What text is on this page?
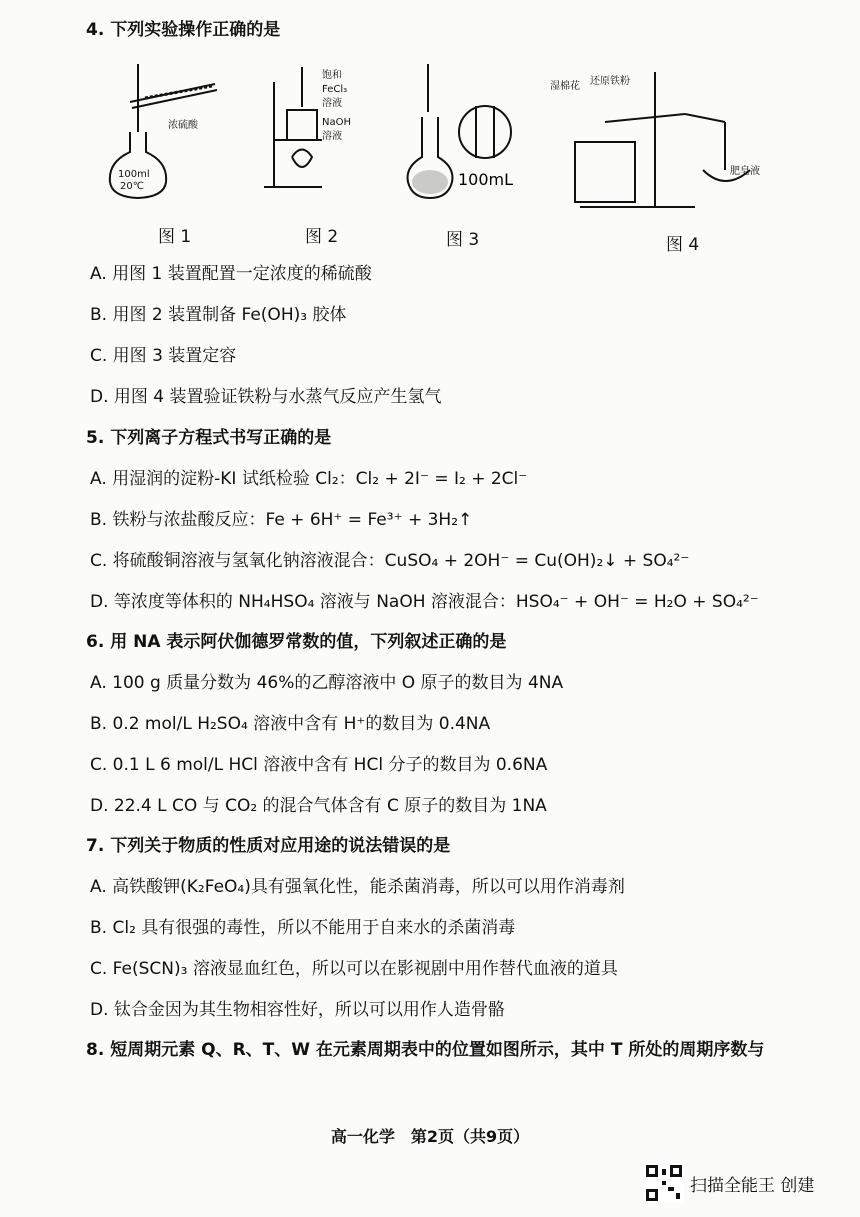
4. 下列实验操作正确的是
100ml
20℃
浓硫酸
图 1
饱和
FeCl₃
溶液
NaOH
溶液
图 2
100mL
图 3
湿棉花 还原铁粉
肥皂液
图 4
A. 用图 1 装置配置一定浓度的稀硫酸
B. 用图 2 装置制备 Fe(OH)₃ 胶体
C. 用图 3 装置定容
D. 用图 4 装置验证铁粉与水蒸气反应产生氢气
5. 下列离子方程式书写正确的是
A. 用湿润的淀粉-KI 试纸检验 Cl₂：Cl₂ + 2I⁻ = I₂ + 2Cl⁻
B. 铁粉与浓盐酸反应：Fe + 6H⁺ = Fe³⁺ + 3H₂↑
C. 将硫酸铜溶液与氢氧化钠溶液混合：CuSO₄ + 2OH⁻ = Cu(OH)₂↓ + SO₄²⁻
D. 等浓度等体积的 NH₄HSO₄ 溶液与 NaOH 溶液混合：HSO₄⁻ + OH⁻ = H₂O + SO₄²⁻
6. 用 NA 表示阿伏伽德罗常数的值，下列叙述正确的是
A. 100 g 质量分数为 46%的乙醇溶液中 O 原子的数目为 4NA
B. 0.2 mol/L H₂SO₄ 溶液中含有 H⁺的数目为 0.4NA
C. 0.1 L 6 mol/L HCl 溶液中含有 HCl 分子的数目为 0.6NA
D. 22.4 L CO 与 CO₂ 的混合气体含有 C 原子的数目为 1NA
7. 下列关于物质的性质对应用途的说法错误的是
A. 高铁酸钾(K₂FeO₄)具有强氧化性，能杀菌消毒，所以可以用作消毒剂
B. Cl₂ 具有很强的毒性，所以不能用于自来水的杀菌消毒
C. Fe(SCN)₃ 溶液显血红色，所以可以在影视剧中用作替代血液的道具
D. 钛合金因为其生物相容性好，所以可以用作人造骨骼
8. 短周期元素 Q、R、T、W 在元素周期表中的位置如图所示，其中 T 所处的周期序数与
高一化学　第2页（共9页）
扫描全能王 创建
